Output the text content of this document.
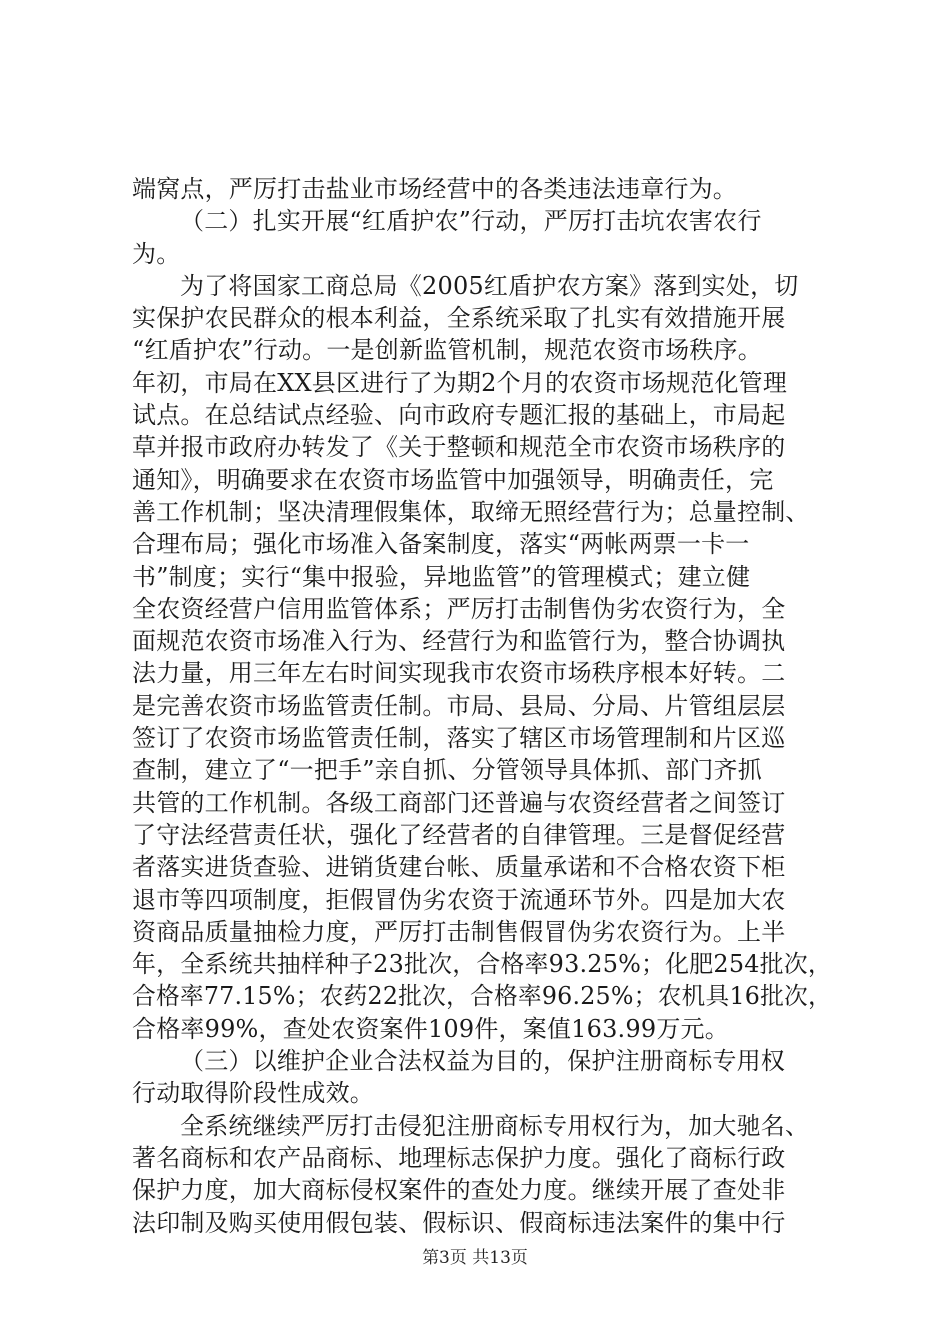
端窝点，严厉打击盐业市场经营中的各类违法违章行为。
（二）扎实开展“红盾护农”行动，严厉打击坑农害农行
为。
为了将国家工商总局《2005红盾护农方案》落到实处，切
实保护农民群众的根本利益，全系统采取了扎实有效措施开展
“红盾护农”行动。一是创新监管机制，规范农资市场秩序。
年初，市局在XX县区进行了为期2个月的农资市场规范化管理
试点。在总结试点经验、向市政府专题汇报的基础上，市局起
草并报市政府办转发了《关于整顿和规范全市农资市场秩序的
通知》，明确要求在农资市场监管中加强领导，明确责任，完
善工作机制；坚决清理假集体，取缔无照经营行为；总量控制、
合理布局；强化市场准入备案制度，落实“两帐两票一卡一
书”制度；实行“集中报验，异地监管”的管理模式；建立健
全农资经营户信用监管体系；严厉打击制售伪劣农资行为，全
面规范农资市场准入行为、经营行为和监管行为，整合协调执
法力量，用三年左右时间实现我市农资市场秩序根本好转。二
是完善农资市场监管责任制。市局、县局、分局、片管组层层
签订了农资市场监管责任制，落实了辖区市场管理制和片区巡
查制，建立了“一把手”亲自抓、分管领导具体抓、部门齐抓
共管的工作机制。各级工商部门还普遍与农资经营者之间签订
了守法经营责任状，强化了经营者的自律管理。三是督促经营
者落实进货查验、进销货建台帐、质量承诺和不合格农资下柜
退市等四项制度，拒假冒伪劣农资于流通环节外。四是加大农
资商品质量抽检力度，严厉打击制售假冒伪劣农资行为。上半
年，全系统共抽样种子23批次，合格率93.25%；化肥254批次，
合格率77.15%；农药22批次，合格率96.25%；农机具16批次，
合格率99%，查处农资案件109件，案值163.99万元。
（三）以维护企业合法权益为目的，保护注册商标专用权
行动取得阶段性成效。
全系统继续严厉打击侵犯注册商标专用权行为，加大驰名、
著名商标和农产品商标、地理标志保护力度。强化了商标行政
保护力度，加大商标侵权案件的查处力度。继续开展了查处非
法印制及购买使用假包装、假标识、假商标违法案件的集中行
第3页 共13页
